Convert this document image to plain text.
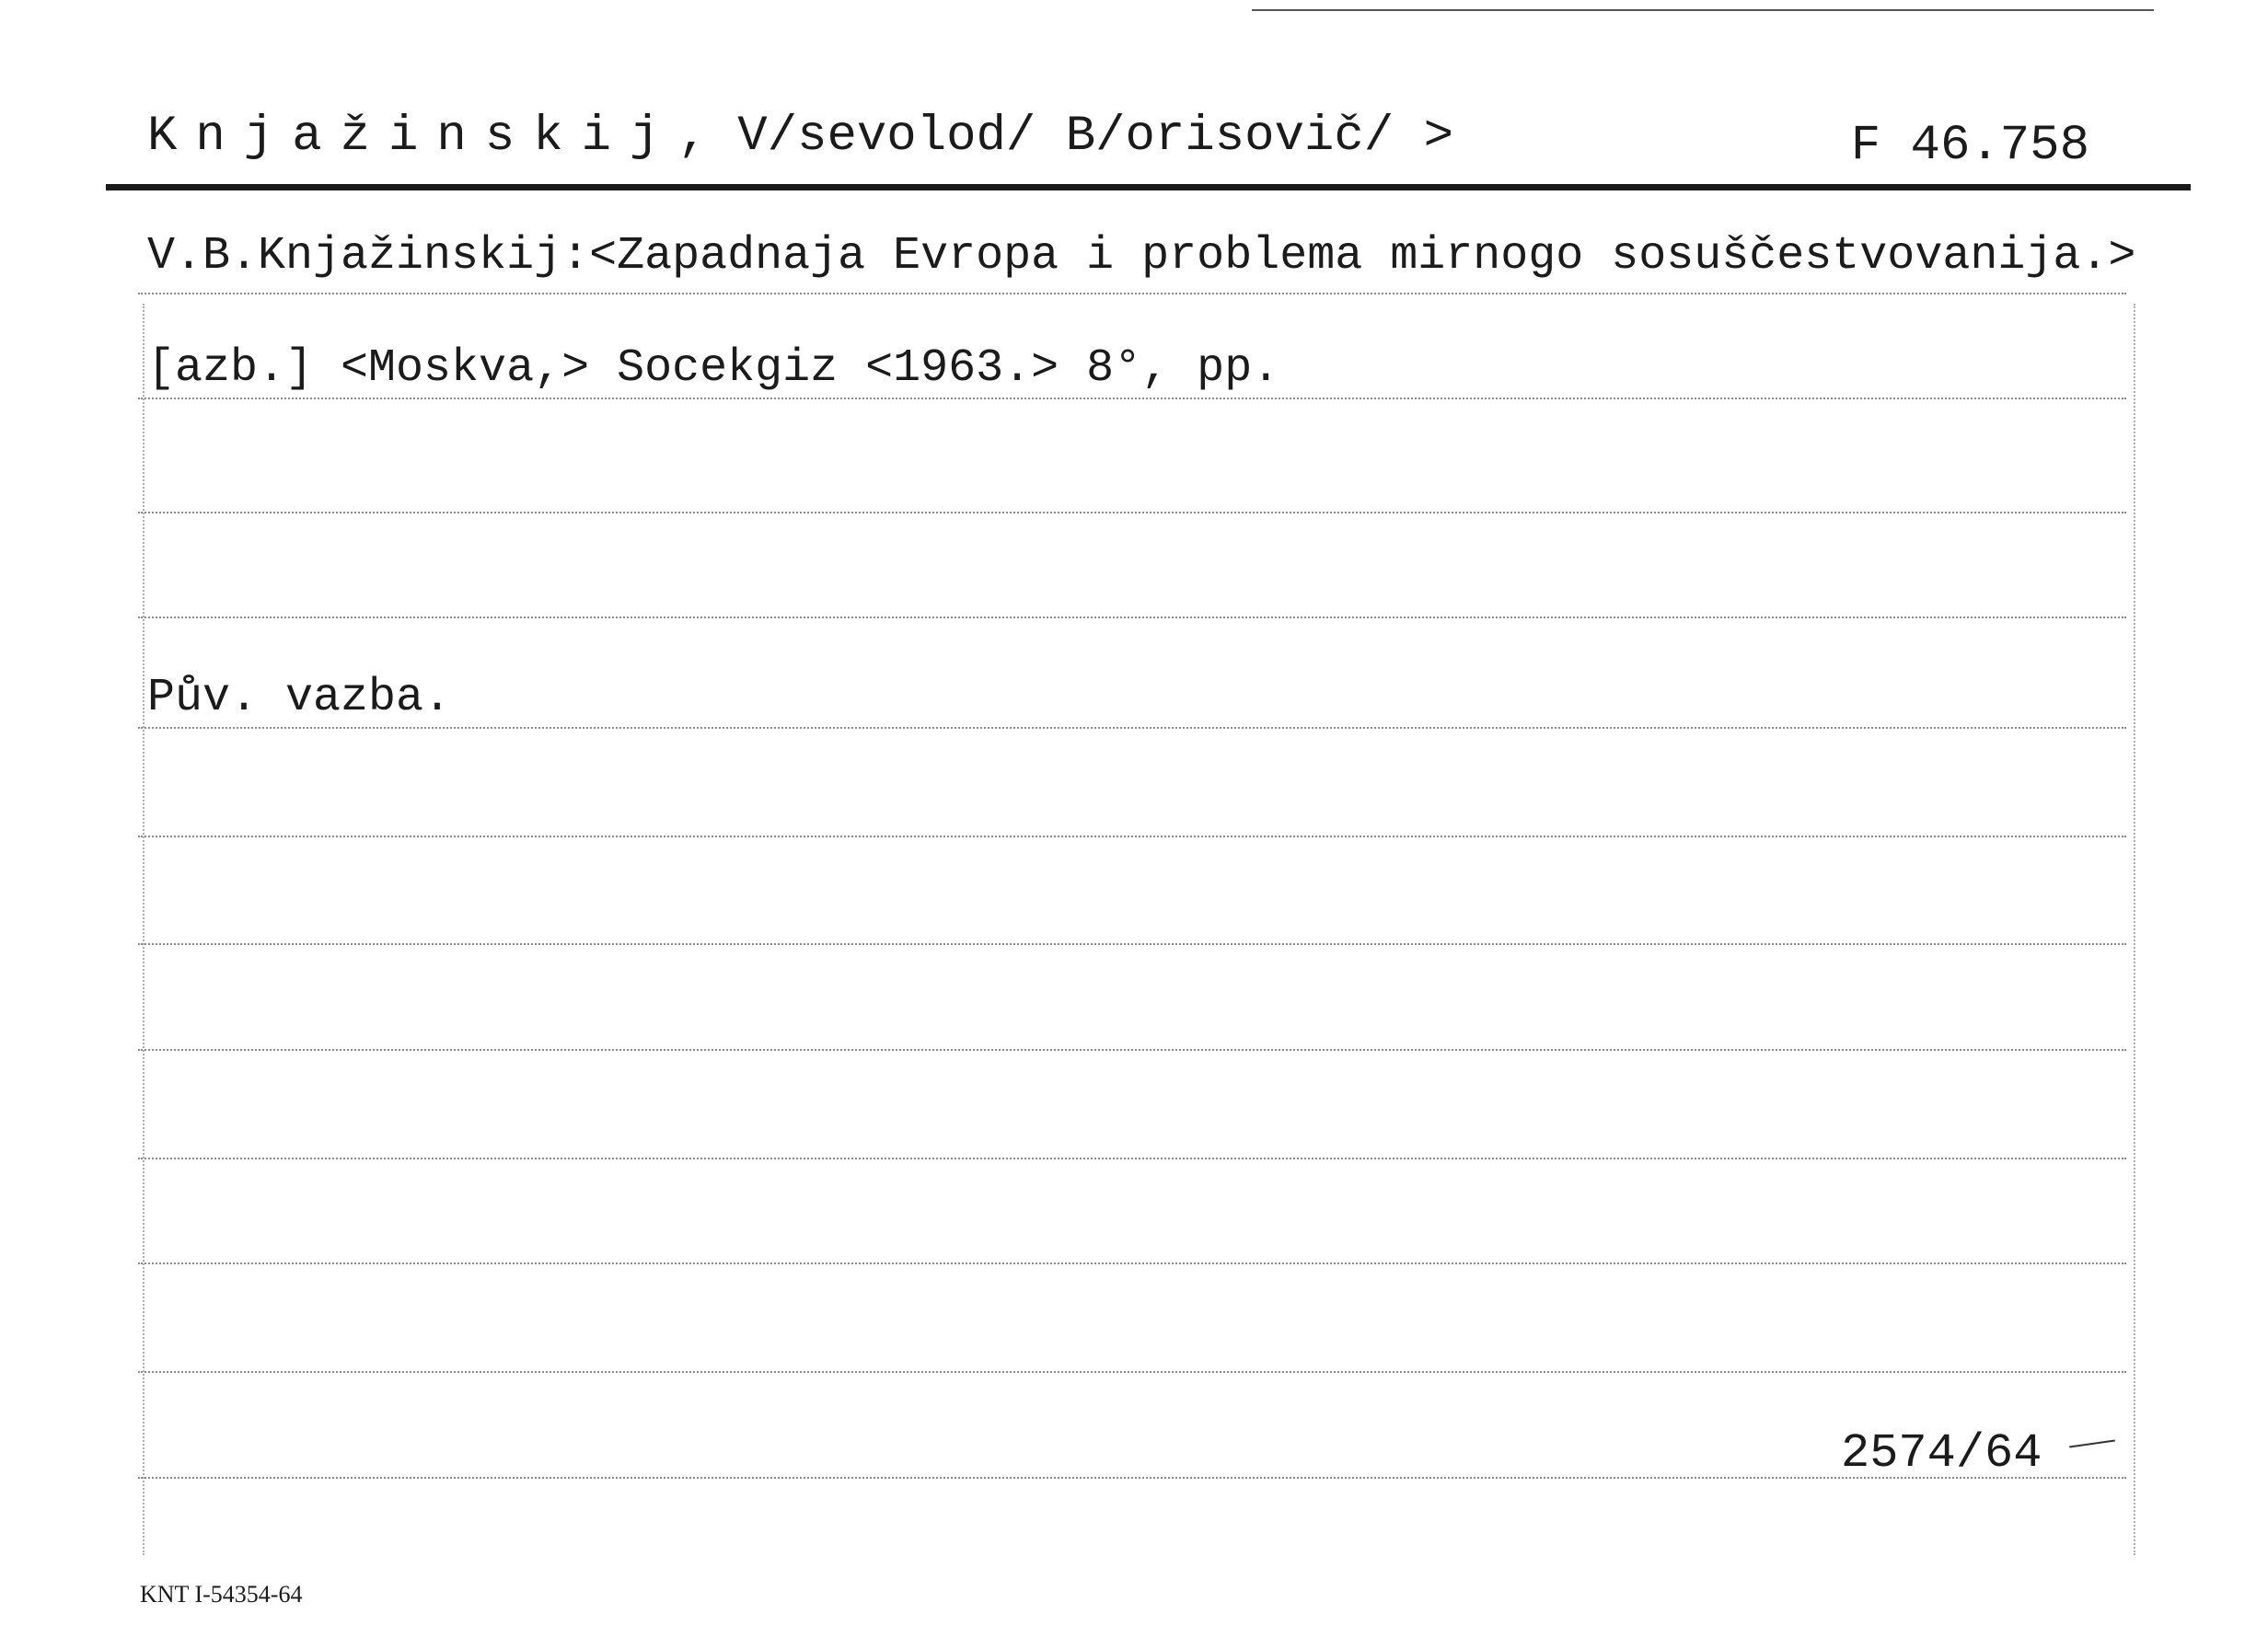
Knjažinskij, V/sevolod/ B/orisovič/ >	F 46.758
V.B.Knjažinskij:<Zapadnaja Evropa i problema mirnogo sosuščestvovanija.>
[azb.] <Moskva,> Socekgiz <1963.> 8°, pp.
Pův. vazba.
2574/64
KNT I-54354-64
